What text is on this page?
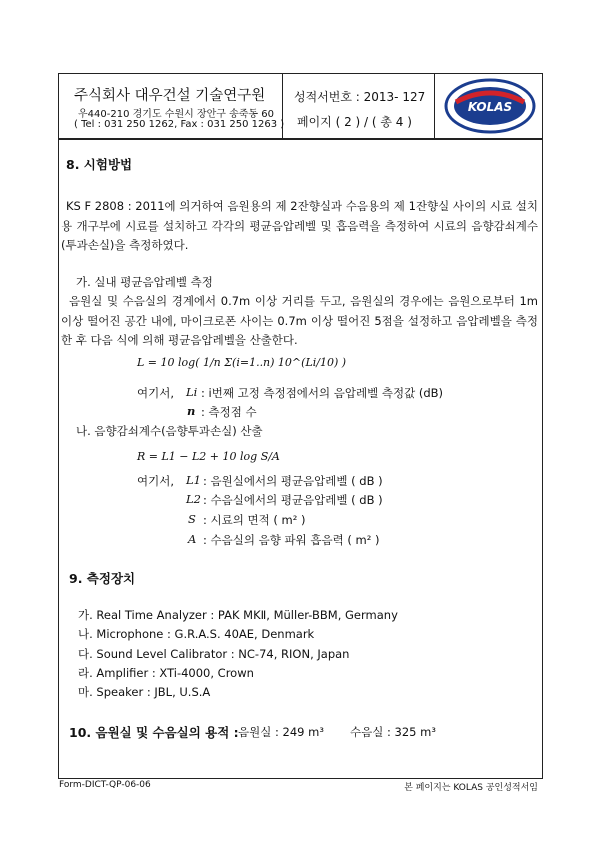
주식회사 대우건설 기술연구원
우440-210 경기도 수원시 장안구 송죽동 60
( Tel : 031 250 1262, Fax : 031 250 1263 )
성적서번호 : 2013- 127
페이지 ( 2 ) / ( 총 4 )
KOLAS
8. 시험방법
KS F 2808 : 2011에 의거하여 음원용의 제 2잔향실과 수음용의 제 1잔향실 사이의 시료 설치용 개구부에 시료를 설치하고 각각의 평균음압레벨 및 흡음력을 측정하여 시료의 음향감쇠계수(투과손실)을 측정하였다.
가. 실내 평균음압레벨 측정
음원실 및 수음실의 경계에서 0.7m 이상 거리를 두고, 음원실의 경우에는 음원으로부터 1m 이상 떨어진 공간 내에, 마이크로폰 사이는 0.7m 이상 떨어진 5점을 설정하고 음압레벨을 측정한 후 다음 식에 의해 평균음압레벨을 산출한다.
L = 10 log( 1/n Σ(i=1..n) 10^(Li/10) )
여기서, Li : i번째 고정 측정점에서의 음압레벨 측정값 (dB)
n : 측정점 수
나. 음향감쇠계수(음향투과손실) 산출
R = L1 − L2 + 10 log S/A
여기서, L1 : 음원실에서의 평균음압레벨 ( dB )
L2 : 수음실에서의 평균음압레벨 ( dB )
S : 시료의 면적 ( m² )
A : 수음실의 음향 파워 흡음력 ( m² )
9. 측정장치
가. Real Time Analyzer : PAK MKⅡ, Müller-BBM, Germany
나. Microphone : G.R.A.S. 40AE, Denmark
다. Sound Level Calibrator : NC-74, RION, Japan
라. Amplifier : XTi-4000, Crown
마. Speaker : JBL, U.S.A
10. 음원실 및 수음실의 용적 : 음원실 : 249 m³ 수음실 : 325 m³
Form-DICT-QP-06-06	본 페이지는 KOLAS 공인성적서임
